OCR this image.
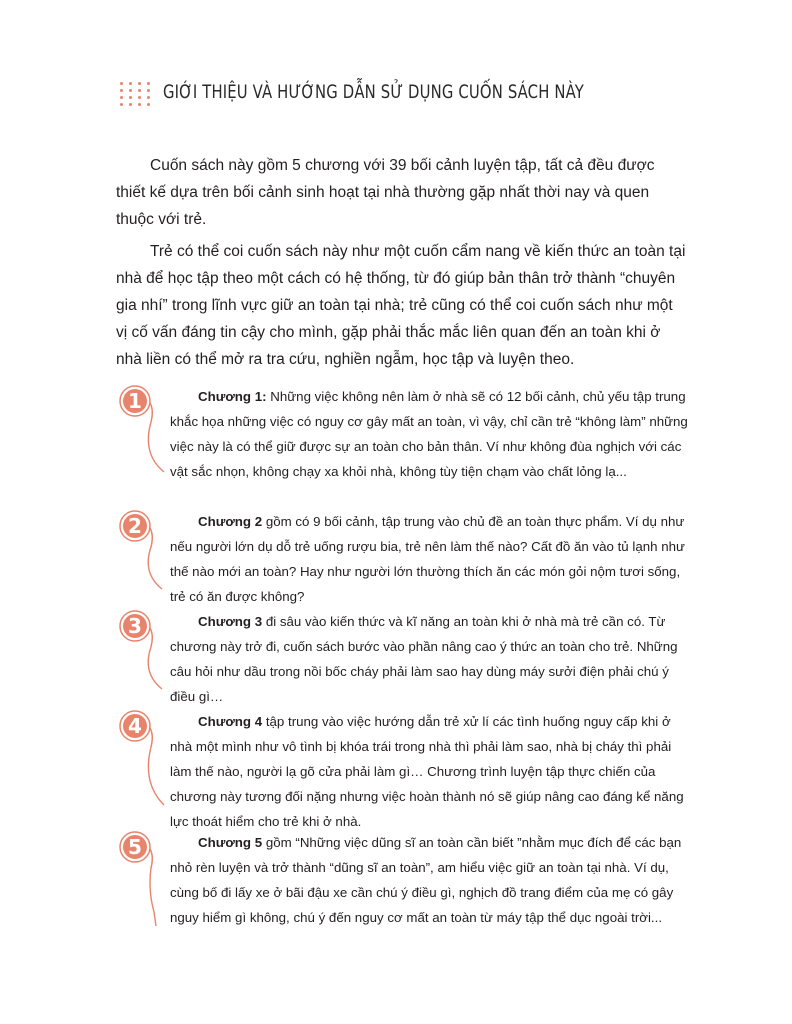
GIỚI THIỆU VÀ HƯỚNG DẪN SỬ DỤNG CUỐN SÁCH NÀY

Cuốn sách này gồm 5 chương với 39 bối cảnh luyện tập, tất cả đều được thiết kế dựa trên bối cảnh sinh hoạt tại nhà thường gặp nhất thời nay và quen thuộc với trẻ.

Trẻ có thể coi cuốn sách này như một cuốn cẩm nang về kiến thức an toàn tại nhà để học tập theo một cách có hệ thống, từ đó giúp bản thân trở thành “chuyên gia nhí” trong lĩnh vực giữ an toàn tại nhà; trẻ cũng có thể coi cuốn sách như một vị cố vấn đáng tin cậy cho mình, gặp phải thắc mắc liên quan đến an toàn khi ở nhà liền có thể mở ra tra cứu, nghiền ngẫm, học tập và luyện theo.

1	Chương 1: Những việc không nên làm ở nhà sẽ có 12 bối cảnh, chủ yếu tập trung khắc họa những việc có nguy cơ gây mất an toàn, vì vậy, chỉ cần trẻ “không làm” những việc này là có thể giữ được sự an toàn cho bản thân. Ví như không đùa nghịch với các vật sắc nhọn, không chạy xa khỏi nhà, không tùy tiện chạm vào chất lỏng lạ...

2	Chương 2 gồm có 9 bối cảnh, tập trung vào chủ đề an toàn thực phẩm. Ví dụ như nếu người lớn dụ dỗ trẻ uống rượu bia, trẻ nên làm thế nào? Cất đồ ăn vào tủ lạnh như thế nào mới an toàn? Hay như người lớn thường thích ăn các món gỏi nộm tươi sống, trẻ có ăn được không?

3	Chương 3 đi sâu vào kiến thức và kĩ năng an toàn khi ở nhà mà trẻ cần có. Từ chương này trở đi, cuốn sách bước vào phần nâng cao ý thức an toàn cho trẻ. Những câu hỏi như dầu trong nồi bốc cháy phải làm sao hay dùng máy sưởi điện phải chú ý điều gì…

4	Chương 4 tập trung vào việc hướng dẫn trẻ xử lí các tình huống nguy cấp khi ở nhà một mình như vô tình bị khóa trái trong nhà thì phải làm sao, nhà bị cháy thì phải làm thế nào, người lạ gõ cửa phải làm gì… Chương trình luyện tập thực chiến của chương này tương đối nặng nhưng việc hoàn thành nó sẽ giúp nâng cao đáng kể năng lực thoát hiểm cho trẻ khi ở nhà.

5	Chương 5 gồm “Những việc dũng sĩ an toàn cần biết ”nhằm mục đích để các bạn nhỏ rèn luyện và trở thành “dũng sĩ an toàn”, am hiểu việc giữ an toàn tại nhà. Ví dụ, cùng bố đi lấy xe ở bãi đậu xe cần chú ý điều gì, nghịch đồ trang điểm của mẹ có gây nguy hiểm gì không, chú ý đến nguy cơ mất an toàn từ máy tập thể dục ngoài trời...
